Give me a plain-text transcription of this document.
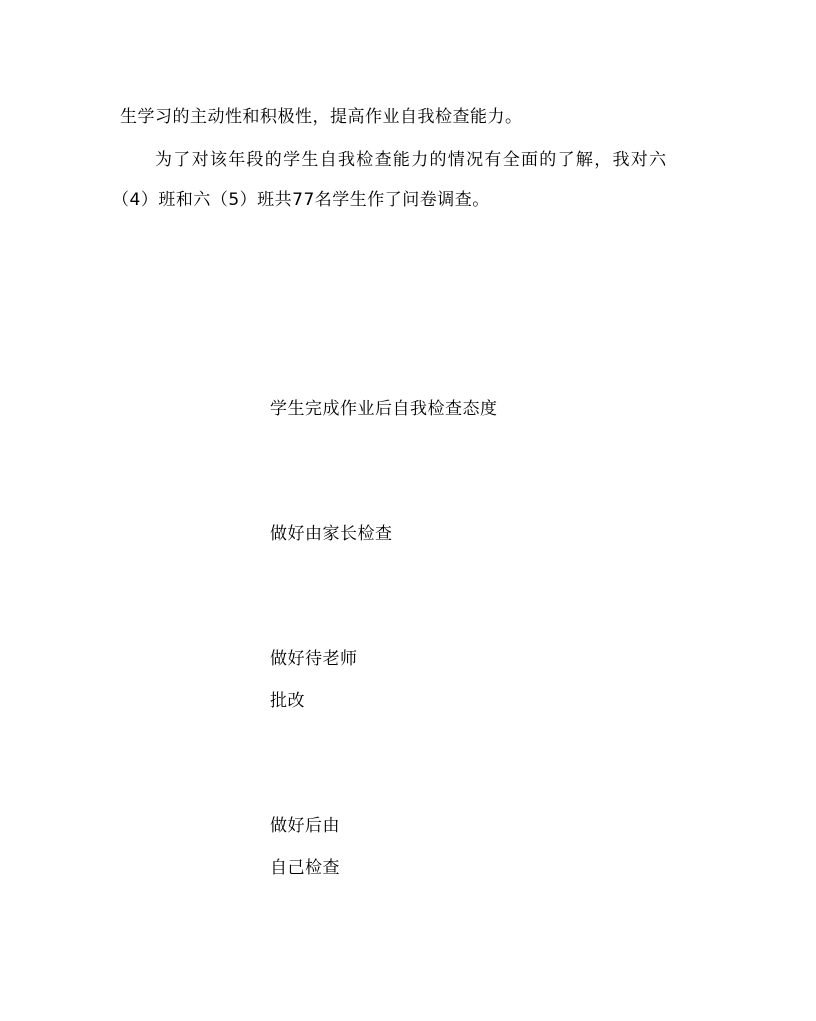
生学习的主动性和积极性，提高作业自我检查能力。
为了对该年段的学生自我检查能力的情况有全面的了解，我对六
（4）班和六（5）班共77名学生作了问卷调查。
学生完成作业后自我检查态度
做好由家长检查
做好待老师
批改
做好后由
自己检查
